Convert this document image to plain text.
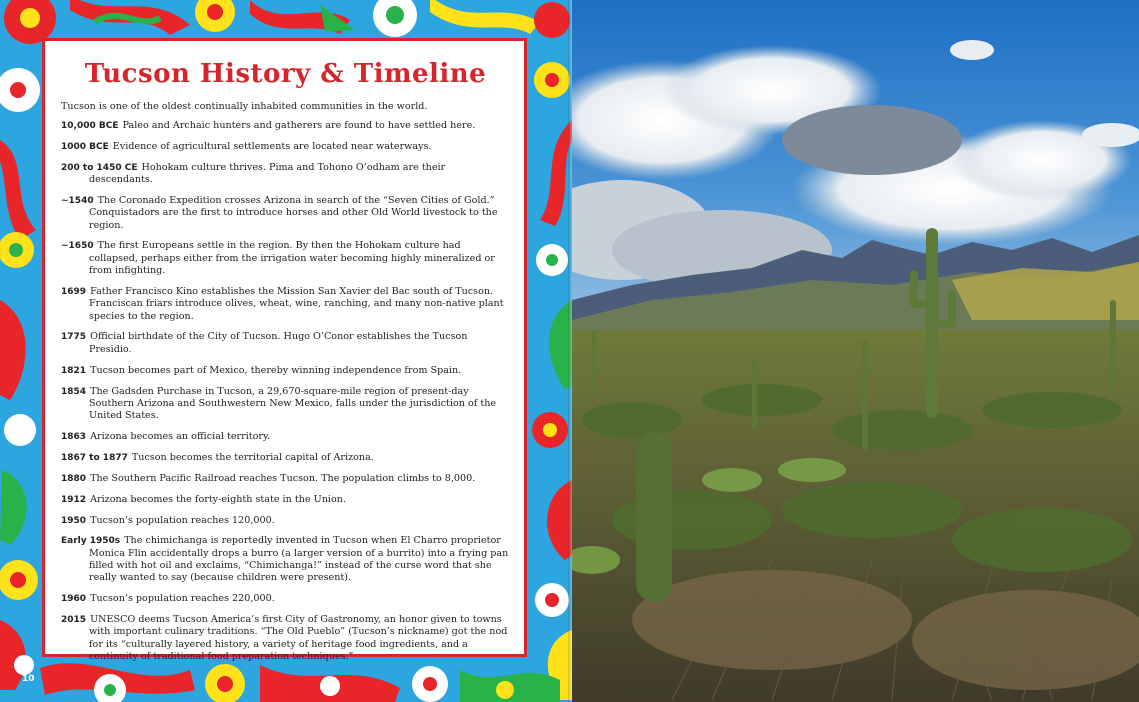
Tucson History & Timeline

Tucson is one of the oldest continually inhabited communities in the world.

10,000 BCE Paleo and Archaic hunters and gatherers are found to have settled here.
1000 BCE Evidence of agricultural settlements are located near waterways.
200 to 1450 CE Hohokam culture thrives. Pima and Tohono O’odham are their descendants.
~1540 The Coronado Expedition crosses Arizona in search of the “Seven Cities of Gold.” Conquistadors are the first to introduce horses and other Old World livestock to the region.
~1650 The first Europeans settle in the region. By then the Hohokam culture had collapsed, perhaps either from the irrigation water becoming highly mineralized or from infighting.
1699 Father Francisco Kino establishes the Mission San Xavier del Bac south of Tucson. Franciscan friars introduce olives, wheat, wine, ranching, and many non-native plant species to the region.
1775 Official birthdate of the City of Tucson. Hugo O’Conor establishes the Tucson Presidio.
1821 Tucson becomes part of Mexico, thereby winning independence from Spain.
1854 The Gadsden Purchase in Tucson, a 29,670-square-mile region of present-day Southern Arizona and Southwestern New Mexico, falls under the jurisdiction of the United States.
1863 Arizona becomes an official territory.
1867 to 1877 Tucson becomes the territorial capital of Arizona.
1880 The Southern Pacific Railroad reaches Tucson. The population climbs to 8,000.
1912 Arizona becomes the forty-eighth state in the Union.
1950 Tucson’s population reaches 120,000.
Early 1950s The chimichanga is reportedly invented in Tucson when El Charro proprietor Monica Flin accidentally drops a burro (a larger version of a burrito) into a frying pan filled with hot oil and exclaims, “Chimichanga!” instead of the curse word that she really wanted to say (because children were present).
1960 Tucson’s population reaches 220,000.
2015 UNESCO deems Tucson America’s first City of Gastronomy, an honor given to towns with important culinary traditions. “The Old Pueblo” (Tucson’s nickname) got the nod for its “culturally layered history, a variety of heritage food ingredients, and a continuity of traditional food preparation techniques.”
10
